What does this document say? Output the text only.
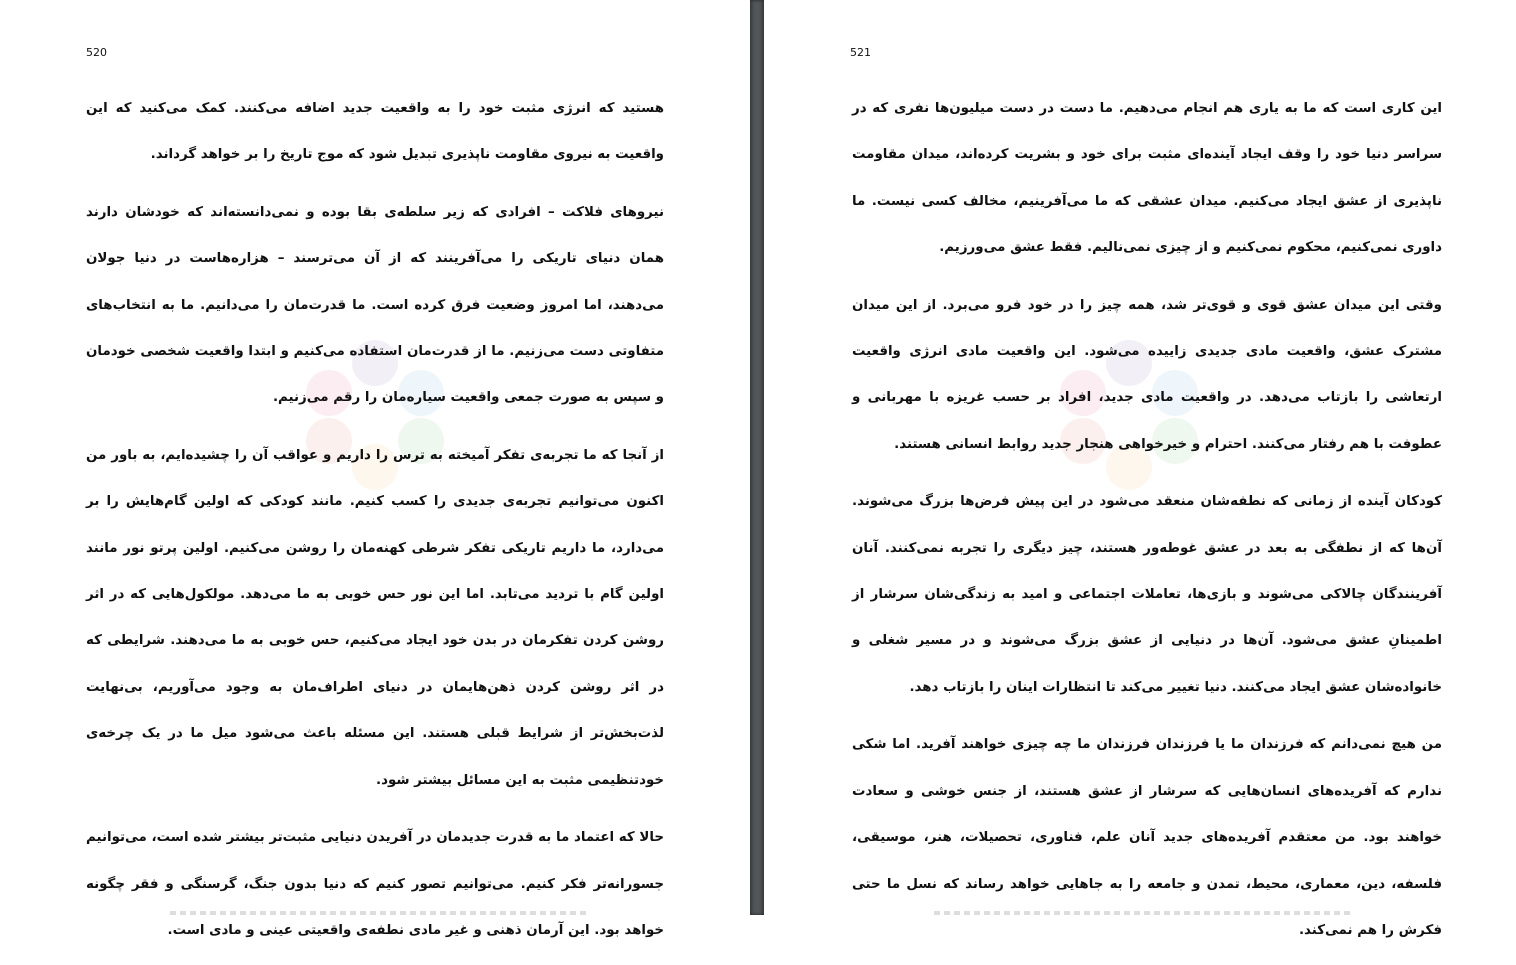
520

هستید که انرژی مثبت خود را به واقعیت جدید اضافه می‌کنند. کمک می‌کنید که این واقعیت به نیروی مقاومت ناپذیری تبدیل شود که موج تاریخ را بر خواهد گرداند.

نیروهای فلاکت – افرادی که زیر سلطه‌ی بقا بوده و نمی‌دانسته‌اند که خودشان دارند همان دنیای تاریکی را می‌آفرینند که از آن می‌ترسند – هزاره‌هاست در دنیا جولان می‌دهند، اما امروز وضعیت فرق کرده است. ما قدرت‌مان را می‌دانیم. ما به انتخاب‌های متفاوتی دست می‌زنیم. ما از قدرت‌مان استفاده می‌کنیم و ابتدا واقعیت شخصی خودمان و سپس به صورت جمعی واقعیت سیاره‌مان را رقم می‌زنیم.

از آنجا که ما تجربه‌ی تفکر آمیخته به ترس را داریم و عواقب آن را چشیده‌ایم، به باور من اکنون می‌توانیم تجربه‌ی جدیدی را کسب کنیم. مانند کودکی که اولین گام‌هایش را بر می‌دارد، ما داریم تاریکی تفکر شرطی کهنه‌مان را روشن می‌کنیم. اولین پرتو نور مانند اولین گام با تردید می‌تابد. اما این نور حس خوبی به ما می‌دهد. مولکول‌هایی که در اثر روشن کردن تفکرمان در بدن خود ایجاد می‌کنیم، حس خوبی به ما می‌دهند. شرایطی که در اثر روشن کردن ذهن‌هایمان در دنیای اطراف‌مان به وجود می‌آوریم، بی‌نهایت لذت‌بخش‌تر از شرایط قبلی هستند. این مسئله باعث می‌شود میل ما در یک چرخه‌ی خودتنظیمی مثبت به این مسائل بیشتر شود.

حالا که اعتماد ما به قدرت جدیدمان در آفریدن دنیایی مثبت‌تر بیشتر شده است، می‌توانیم جسورانه‌تر فکر کنیم. می‌توانیم تصور کنیم که دنیا بدون جنگ، گرسنگی و فقر چگونه خواهد بود. این آرمان ذهنی و غیر مادی نطفه‌ی واقعیتی عینی و مادی است.

521

این کاری است که ما به یاری هم انجام می‌دهیم. ما دست در دست میلیون‌ها نفری که در سراسر دنیا خود را وقف ایجاد آینده‌ای مثبت برای خود و بشریت کرده‌اند، میدان مقاومت ناپذیری از عشق ایجاد می‌کنیم. میدان عشقی که ما می‌آفرینیم، مخالف کسی نیست. ما داوری نمی‌کنیم، محکوم نمی‌کنیم و از چیزی نمی‌نالیم. فقط عشق می‌ورزیم.

وقتی این میدان عشق قوی و قوی‌تر شد، همه چیز را در خود فرو می‌برد. از این میدان مشترک عشق، واقعیت مادی جدیدی زاییده می‌شود. این واقعیت مادی انرژی واقعیت ارتعاشی را بازتاب می‌دهد. در واقعیت مادی جدید، افراد بر حسب غریزه با مهربانی و عطوفت با هم رفتار می‌کنند. احترام و خیرخواهی هنجار جدید روابط انسانی هستند.

کودکان آینده از زمانی که نطفه‌شان منعقد می‌شود در این پیش فرض‌ها بزرگ می‌شوند. آن‌ها که از نطفگی به بعد در عشق غوطه‌ور هستند، چیز دیگری را تجربه نمی‌کنند. آنان آفرینندگان چالاکی می‌شوند و بازی‌ها، تعاملات اجتماعی و امید به زندگی‌شان سرشار از اطمینانِ عشق می‌شود. آن‌ها در دنیایی از عشق بزرگ می‌شوند و در مسیر شغلی و خانواده‌شان عشق ایجاد می‌کنند. دنیا تغییر می‌کند تا انتظارات اینان را بازتاب دهد.

من هیچ نمی‌دانم که فرزندان ما یا فرزندان فرزندان ما چه چیزی خواهند آفرید. اما شکی ندارم که آفریده‌های انسان‌هایی که سرشار از عشق هستند، از جنس خوشی و سعادت خواهند بود. من معتقدم آفریده‌های جدید آنان علم، فناوری، تحصیلات، هنر، موسیقی، فلسفه، دین، معماری، محیط، تمدن و جامعه را به جاهایی خواهد رساند که نسل ما حتی فکرش را هم نمی‌کند.
